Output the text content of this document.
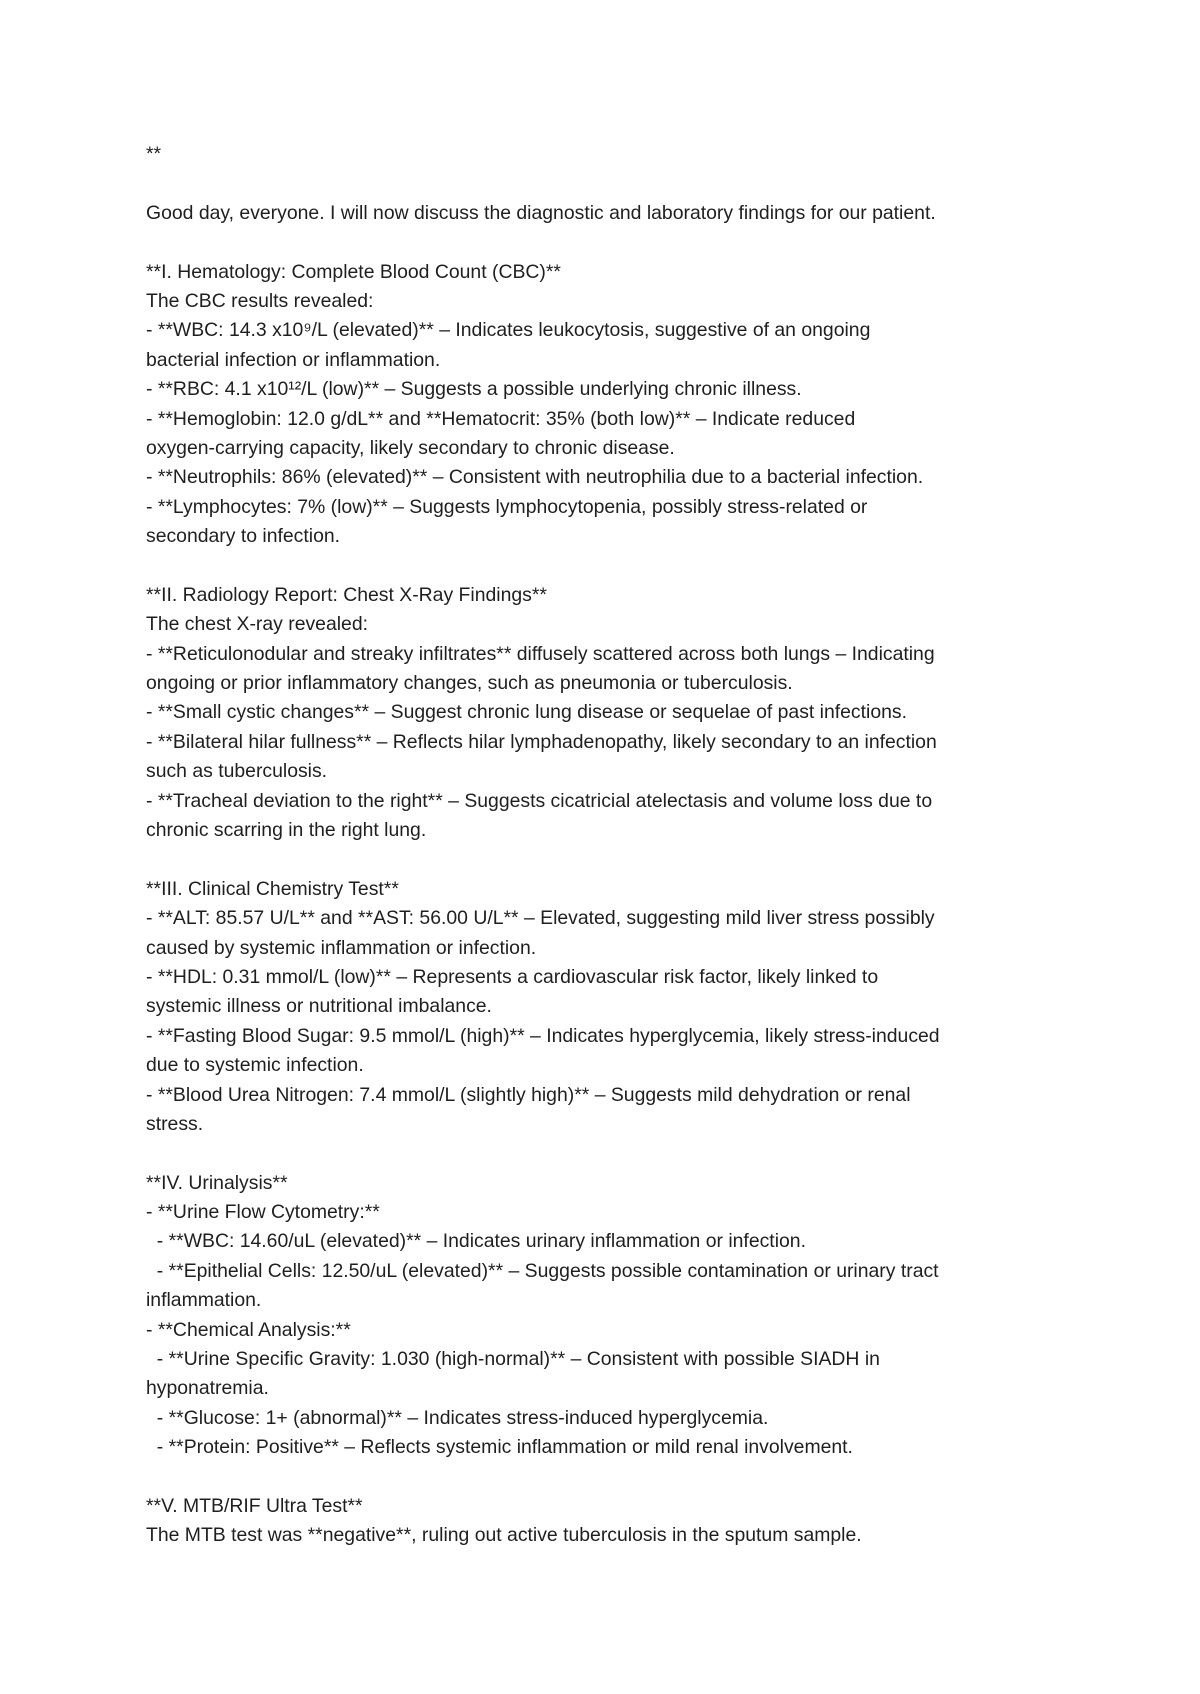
**
Good day, everyone. I will now discuss the diagnostic and laboratory findings for our patient.
**I. Hematology: Complete Blood Count (CBC)**
The CBC results revealed:
- **WBC: 14.3 x10⁹/L (elevated)** – Indicates leukocytosis, suggestive of an ongoing
bacterial infection or inflammation.
- **RBC: 4.1 x10¹²/L (low)** – Suggests a possible underlying chronic illness.
- **Hemoglobin: 12.0 g/dL** and **Hematocrit: 35% (both low)** – Indicate reduced
oxygen-carrying capacity, likely secondary to chronic disease.
- **Neutrophils: 86% (elevated)** – Consistent with neutrophilia due to a bacterial infection.
- **Lymphocytes: 7% (low)** – Suggests lymphocytopenia, possibly stress-related or
secondary to infection.
**II. Radiology Report: Chest X-Ray Findings**
The chest X-ray revealed:
- **Reticulonodular and streaky infiltrates** diffusely scattered across both lungs – Indicating
ongoing or prior inflammatory changes, such as pneumonia or tuberculosis.
- **Small cystic changes** – Suggest chronic lung disease or sequelae of past infections.
- **Bilateral hilar fullness** – Reflects hilar lymphadenopathy, likely secondary to an infection
such as tuberculosis.
- **Tracheal deviation to the right** – Suggests cicatricial atelectasis and volume loss due to
chronic scarring in the right lung.
**III. Clinical Chemistry Test**
- **ALT: 85.57 U/L** and **AST: 56.00 U/L** – Elevated, suggesting mild liver stress possibly
caused by systemic inflammation or infection.
- **HDL: 0.31 mmol/L (low)** – Represents a cardiovascular risk factor, likely linked to
systemic illness or nutritional imbalance.
- **Fasting Blood Sugar: 9.5 mmol/L (high)** – Indicates hyperglycemia, likely stress-induced
due to systemic infection.
- **Blood Urea Nitrogen: 7.4 mmol/L (slightly high)** – Suggests mild dehydration or renal
stress.
**IV. Urinalysis**
- **Urine Flow Cytometry:**
- **WBC: 14.60/uL (elevated)** – Indicates urinary inflammation or infection.
- **Epithelial Cells: 12.50/uL (elevated)** – Suggests possible contamination or urinary tract
inflammation.
- **Chemical Analysis:**
- **Urine Specific Gravity: 1.030 (high-normal)** – Consistent with possible SIADH in
hyponatremia.
- **Glucose: 1+ (abnormal)** – Indicates stress-induced hyperglycemia.
- **Protein: Positive** – Reflects systemic inflammation or mild renal involvement.
**V. MTB/RIF Ultra Test**
The MTB test was **negative**, ruling out active tuberculosis in the sputum sample.
